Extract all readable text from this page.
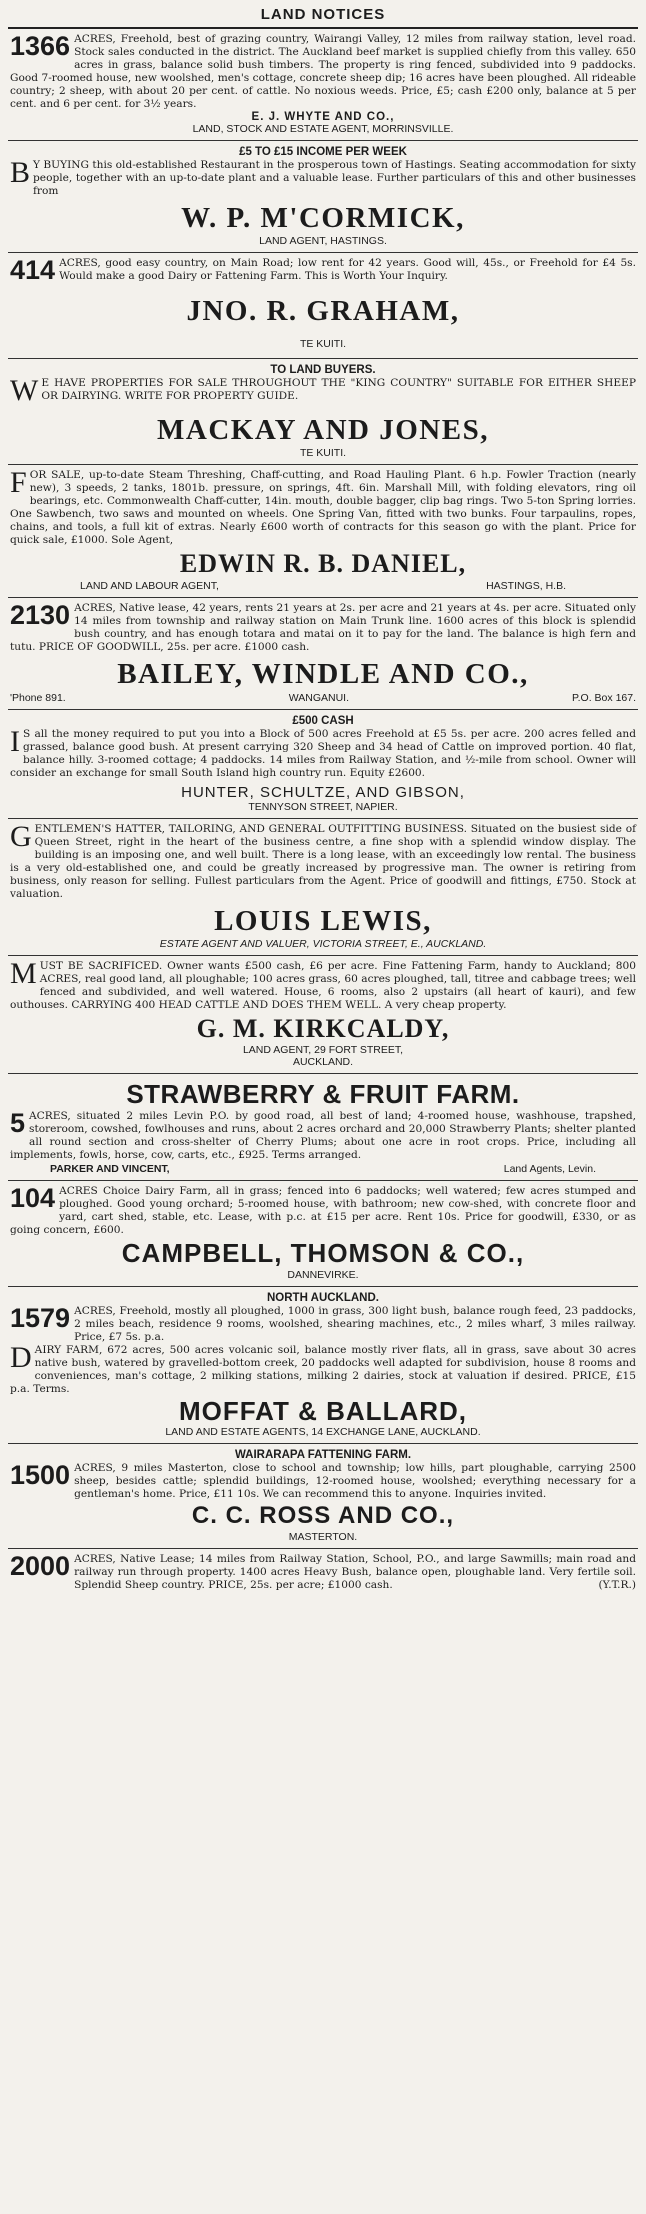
LAND NOTICES
1366 ACRES, Freehold, best of grazing country, Wairangi Valley, 12 miles from railway station, level road. Stock sales conducted in the district. The Auckland beef market is supplied chiefly from this valley. 650 acres in grass, balance solid bush timbers. The property is ring fenced, subdivided into 9 paddocks. Good 7-roomed house, new woolshed, men's cottage, concrete sheep dip; 16 acres have been ploughed. All rideable country; 2 sheep, with about 20 per cent. of cattle. No noxious weeds. Price, £5; cash £200 only, balance at 5 per cent. and 6 per cent. for 3½ years.

E. J. WHYTE AND CO.,
LAND, STOCK AND ESTATE AGENT, MORRINSVILLE.
£5 TO £15 INCOME PER WEEK
B Y BUYING this old-established Restaurant in the prosperous town of Hastings. Seating accommodation for sixty people, together with an up-to-date plant and a valuable lease. Further particulars of this and other businesses from

W. P. M'CORMICK,
LAND AGENT, HASTINGS.
414 ACRES, good easy country, on Main Road; low rent for 42 years. Good will, 45s., or Freehold for £4 5s. Would make a good Dairy or Fattening Farm. This is Worth Your Inquiry.

JNO. R. GRAHAM,
TE KUITI.
TO LAND BUYERS.
W E HAVE PROPERTIES FOR SALE THROUGHOUT THE "KING COUNTRY" SUITABLE FOR EITHER SHEEP OR DAIRYING. WRITE FOR PROPERTY GUIDE.

MACKAY AND JONES,
TE KUITI.
F OR SALE, up-to-date Steam Threshing, Chaff-cutting, and Road Hauling Plant. 6 h.p. Fowler Traction (nearly new), 3 speeds, 2 tanks, 1801b. pressure, on springs, 4ft. 6in. Marshall Mill, with folding elevators, ring oil bearings, etc. Commonwealth Chaff-cutter, 14in. mouth, double bagger, clip bag rings. Two 5-ton Spring lorries. One Sawbench, two saws and mounted on wheels. One Spring Van, fitted with two bunks. Four tarpaulins, ropes, chains, and tools, a full kit of extras. Nearly £600 worth of contracts for this season go with the plant. Price for quick sale, £1000. Sole Agent,

EDWIN R. B. DANIEL,
LAND AND LABOUR AGENT,	HASTINGS, H.B.
2130 ACRES, Native lease, 42 years, rents 21 years at 2s. per acre and 21 years at 4s. per acre. Situated only 14 miles from township and railway station on Main Trunk line. 1600 acres of this block is splendid bush country, and has enough totara and matai on it to pay for the land. The balance is high fern and tutu. PRICE OF GOODWILL, 25s. per acre. £1000 cash.

BAILEY, WINDLE AND CO.,
'Phone 891.	WANGANUI.	P.O. Box 167.
£500 CASH
I S all the money required to put you into a Block of 500 acres Freehold at £5 5s. per acre. 200 acres felled and grassed, balance good bush. At present carrying 320 Sheep and 34 head of Cattle on improved portion. 40 flat, balance hilly. 3-roomed cottage; 4 paddocks. 14 miles from Railway Station, and ½-mile from school. Owner will consider an exchange for small South Island high country run. Equity £2600.

HUNTER, SCHULTZE, AND GIBSON,
TENNYSON STREET, NAPIER.
G ENTLEMEN'S HATTER, TAILORING, AND GENERAL OUTFITTING BUSINESS. Situated on the busiest side of Queen Street, right in the heart of the business centre, a fine shop with a splendid window display. The building is an imposing one, and well built. There is a long lease, with an exceedingly low rental. The business is a very old-established one, and could be greatly increased by progressive man. The owner is retiring from business, only reason for selling. Fullest particulars from the Agent. Price of goodwill and fittings, £750. Stock at valuation.

LOUIS LEWIS,
ESTATE AGENT AND VALUER, VICTORIA STREET, E., AUCKLAND.
M UST BE SACRIFICED. Owner wants £500 cash, £6 per acre. Fine Fattening Farm, handy to Auckland; 800 ACRES, real good land, all ploughable; 100 acres grass, 60 acres ploughed, tall, titree and cabbage trees; well fenced and subdivided, and well watered. House, 6 rooms, also 2 upstairs (all heart of kauri), and few outhouses. CARRYING 400 HEAD CATTLE AND DOES THEM WELL. A very cheap property.

G. M. KIRKCALDY,
LAND AGENT, 29 FORT STREET,
AUCKLAND.
STRAWBERRY & FRUIT FARM.
5 ACRES, situated 2 miles Levin P.O. by good road, all best of land; 4-roomed house, washhouse, trapshed, storeroom, cowshed, fowlhouses and runs, about 2 acres orchard and 20,000 Strawberry Plants; shelter planted all round section and cross-shelter of Cherry Plums; about one acre in root crops. Price, including all implements, fowls, horse, cow, carts, etc., £925. Terms arranged.

PARKER AND VINCENT,	Land Agents, Levin.
104 ACRES Choice Dairy Farm, all in grass; fenced into 6 paddocks; well watered; few acres stumped and ploughed. Good young orchard; 5-roomed house, with bathroom; new cow-shed, with concrete floor and yard, cart shed, stable, etc. Lease, with p.c. at £15 per acre. Rent 10s. Price for goodwill, £330, or as going concern, £600.

CAMPBELL, THOMSON & CO.,
DANNEVIRKE.
NORTH AUCKLAND.
1579 ACRES, Freehold, mostly all ploughed, 1000 in grass, 300 light bush, balance rough feed, 23 paddocks, 2 miles beach, residence 9 rooms, woolshed, shearing machines, etc., 2 miles wharf, 3 miles railway. Price, £7 5s. p.a.

D AIRY FARM, 672 acres, 500 acres volcanic soil, balance mostly river flats, all in grass, save about 30 acres native bush, watered by gravelled-bottom creek, 20 paddocks well adapted for subdivision, house 8 rooms and conveniences, man's cottage, 2 milking stations, milking 2 dairies, stock at valuation if desired. PRICE, £15 p.a. Terms.

MOFFAT & BALLARD,
LAND AND ESTATE AGENTS, 14 EXCHANGE LANE, AUCKLAND.
WAIRARAPA FATTENING FARM.
1500 ACRES, 9 miles Masterton, close to school and township; low hills, part ploughable, carrying 2500 sheep, besides cattle; splendid buildings, 12-roomed house, woolshed; everything necessary for a gentleman's home. Price, £11 10s. We can recommend this to anyone. Inquiries invited.

C. C. ROSS AND CO.,
MASTERTON.
2000 ACRES, Native Lease; 14 miles from Railway Station, School, P.O., and large Sawmills; main road and railway run through property. 1400 acres Heavy Bush, balance open, ploughable land. Very fertile soil. Splendid Sheep country. PRICE, 25s. per acre; £1000 cash.	(Y.T.R.)
